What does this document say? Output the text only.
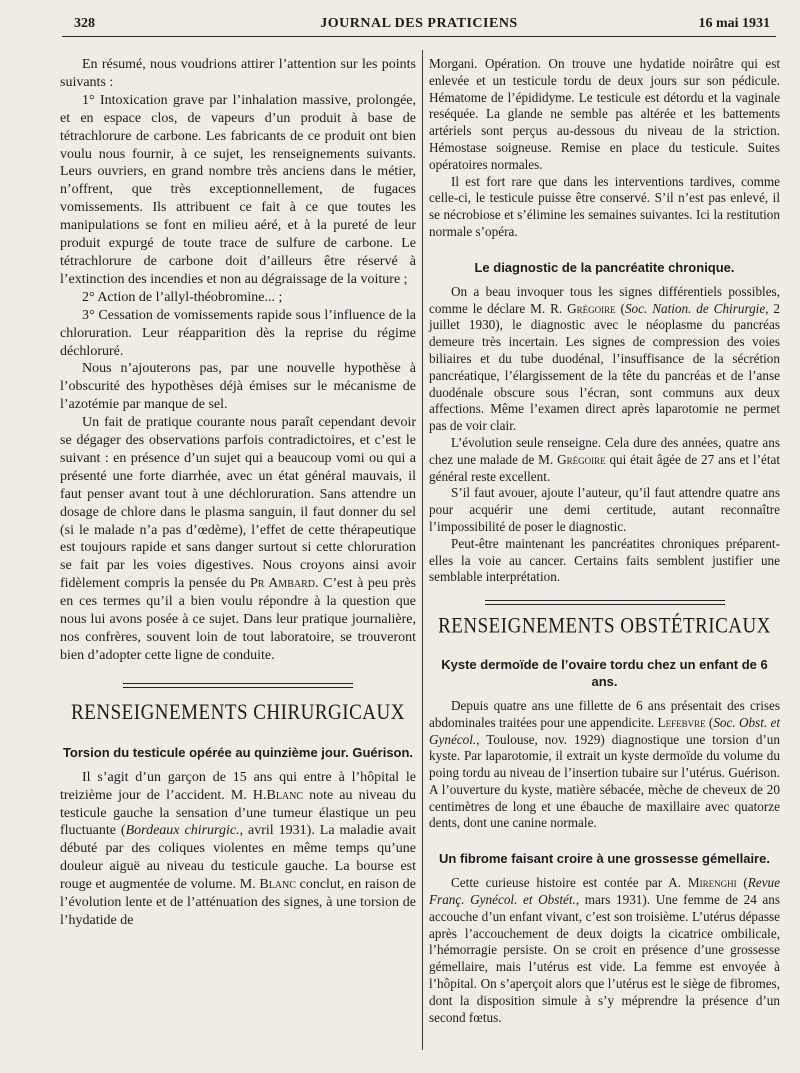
328	JOURNAL DES PRATICIENS	16 mai 1931

En résumé, nous voudrions attirer l’attention sur les points suivants :

1° Intoxication grave par l’inhalation massive, prolongée, et en espace clos, de vapeurs d’un produit à base de tétrachlorure de carbone. Les fabricants de ce produit ont bien voulu nous fournir, à ce sujet, les renseignements suivants. Leurs ouvriers, en grand nombre très anciens dans le métier, n’offrent, que très exceptionnellement, de fugaces vomissements. Ils attribuent ce fait à ce que toutes les manipulations se font en milieu aéré, et à la pureté de leur produit expurgé de toute trace de sulfure de carbone. Le tétrachlorure de carbone doit d’ailleurs être réservé à l’extinction des incendies et non au dégraissage de la voiture ;

2° Action de l’allyl-théobromine... ;

3° Cessation de vomissements rapide sous l’influence de la chloruration. Leur réapparition dès la reprise du régime déchloruré.

Nous n’ajouterons pas, par une nouvelle hypothèse à l’obscurité des hypothèses déjà émises sur le mécanisme de l’azotémie par manque de sel.

Un fait de pratique courante nous paraît cependant devoir se dégager des observations parfois contradictoires, et c’est le suivant : en présence d’un sujet qui a beaucoup vomi ou qui a présenté une forte diarrhée, avec un état général mauvais, il faut penser avant tout à une déchloruration. Sans attendre un dosage de chlore dans le plasma sanguin, il faut donner du sel (si le malade n’a pas d’œdème), l’effet de cette thérapeutique est toujours rapide et sans danger surtout si cette chloruration se fait par les voies digestives. Nous croyons ainsi avoir fidèlement compris la pensée du Pr Ambard. C’est à peu près en ces termes qu’il a bien voulu répondre à la question que nous lui avons posée à ce sujet. Dans leur pratique journalière, nos confrères, souvent loin de tout laboratoire, se trouveront bien d’adopter cette ligne de conduite.

RENSEIGNEMENTS CHIRURGICAUX
Torsion du testicule opérée au quinzième jour. Guérison.

Il s’agit d’un garçon de 15 ans qui entre à l’hôpital le treizième jour de l’accident. M. H.Blanc note au niveau du testicule gauche la sensation d’une tumeur élastique un peu fluctuante (Bordeaux chirurgic., avril 1931). La maladie avait débuté par des coliques violentes en même temps qu’une douleur aiguë au niveau du testicule gauche. La bourse est rouge et augmentée de volume. M. Blanc conclut, en raison de l’évolution lente et de l’atténuation des signes, à une torsion de l’hydatide de

Morgani. Opération. On trouve une hydatide noirâtre qui est enlevée et un testicule tordu de deux jours sur son pédicule. Hématome de l’épididyme. Le testicule est détordu et la vaginale reséquée. La glande ne semble pas altérée et les battements artériels sont perçus au-dessous du niveau de la striction. Hémostase soigneuse. Remise en place du testicule. Suites opératoires normales.

Il est fort rare que dans les interventions tardives, comme celle-ci, le testicule puisse être conservé. S’il n’est pas enlevé, il se nécrobiose et s’élimine les semaines suivantes. Ici la restitution normale s’opéra.

Le diagnostic de la pancréatite chronique.

On a beau invoquer tous les signes différentiels possibles, comme le déclare M. R. Grégoire (Soc. Nation. de Chirurgie, 2 juillet 1930), le diagnostic avec le néoplasme du pancréas demeure très incertain. Les signes de compression des voies biliaires et du tube duodénal, l’insuffisance de la sécrétion pancréatique, l’élargissement de la tête du pancréas et de l’anse duodénale obscure sous l’écran, sont communs aux deux affections. Même l’examen direct après laparotomie ne permet pas de voir clair.

L’évolution seule renseigne. Cela dure des années, quatre ans chez une malade de M. Grégoire qui était âgée de 27 ans et l’état général reste excellent.

S’il faut avouer, ajoute l’auteur, qu’il faut attendre quatre ans pour acquérir une demi certitude, autant reconnaître l’impossibilité de poser le diagnostic.

Peut-être maintenant les pancréatites chroniques préparent-elles la voie au cancer. Certains faits semblent justifier une semblable interprétation.

RENSEIGNEMENTS OBSTÉTRICAUX
Kyste dermoïde de l’ovaire tordu chez un enfant de 6 ans.

Depuis quatre ans une fillette de 6 ans présentait des crises abdominales traitées pour une appendicite. Lefebvre (Soc. Obst. et Gynécol., Toulouse, nov. 1929) diagnostique une torsion d’un kyste. Par laparotomie, il extrait un kyste dermoïde du volume du poing tordu au niveau de l’insertion tubaire sur l’utérus. Guérison. A l’ouverture du kyste, matière sébacée, mèche de cheveux de 20 centimètres de long et une ébauche de maxillaire avec quatorze dents, dont une canine normale.

Un fibrome faisant croire à une grossesse gémellaire.

Cette curieuse histoire est contée par A. Mirenghi (Revue Franç. Gynécol. et Obstét., mars 1931). Une femme de 24 ans accouche d’un enfant vivant, c’est son troisième. L’utérus dépasse après l’accouchement de deux doigts la cicatrice ombilicale, l’hémorragie persiste. On se croit en présence d’une grossesse gémellaire, mais l’utérus est vide. La femme est envoyée à l’hôpital. On s’aperçoit alors que l’utérus est le siège de fibromes, dont la disposition simule à s’y méprendre la présence d’un second fœtus.
